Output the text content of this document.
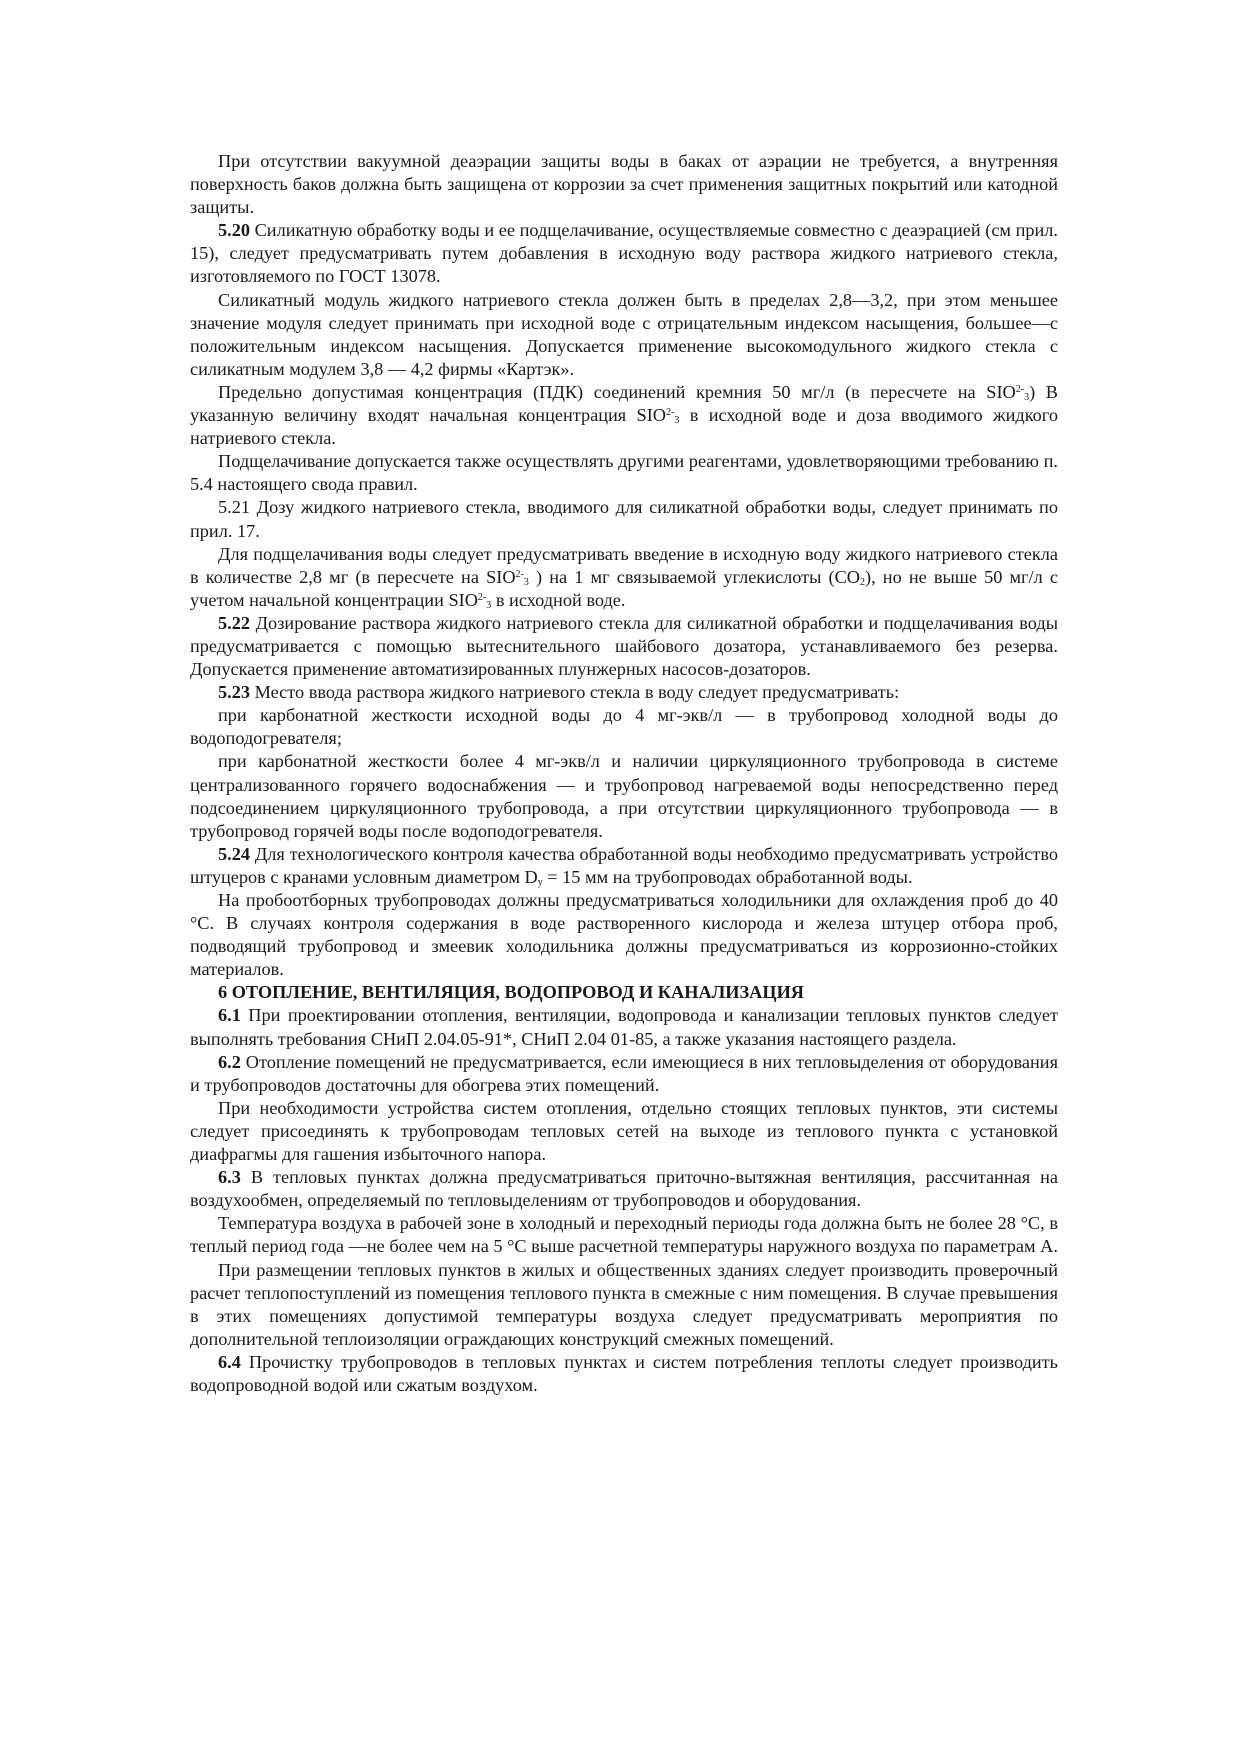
При отсутствии вакуумной деаэрации защиты воды в баках от аэрации не требуется, а внутренняя поверхность баков должна быть защищена от коррозии за счет применения защитных покрытий или катодной защиты.

5.20 Силикатную обработку воды и ее подщелачивание, осуществляемые совместно с деаэрацией (см прил. 15), следует предусматривать путем добавления в исходную воду раствора жидкого натриевого стекла, изготовляемого по ГОСТ 13078.

Силикатный модуль жидкого натриевого стекла должен быть в пределах 2,8—3,2, при этом меньшее значение модуля следует принимать при исходной воде с отрицательным индексом насыщения, большее—с положительным индексом насыщения. Допускается применение высокомодульного жидкого стекла с силикатным модулем 3,8 — 4,2 фирмы «Картэк».

Предельно допустимая концентрация (ПДК) соединений кремния 50 мг/л (в пересчете на $SIO^{2-}_3$) В указанную величину входят начальная концентрация $SIO^{2-}_3$ в исходной воде и доза вводимого жидкого натриевого стекла.

Подщелачивание допускается также осуществлять другими реагентами, удовлетворяющими требованию п. 5.4 настоящего свода правил.

5.21 Дозу жидкого натриевого стекла, вводимого для силикатной обработки воды, следует принимать по прил. 17.

Для подщелачивания воды следует предусматривать введение в исходную воду жидкого натриевого стекла в количестве 2,8 мг (в пересчете на $SIO^{2-}_3$ ) на 1 мг связываемой углекислоты $(CO_2)$, но не выше 50 мг/л с учетом начальной концентрации $SIO^{2-}_3$ в исходной воде.

5.22 Дозирование раствора жидкого натриевого стекла для силикатной обработки и подщелачивания воды предусматривается с помощью вытеснительного шайбового дозатора, устанавливаемого без резерва. Допускается применение автоматизированных плунжерных насосов-дозаторов.

5.23 Место ввода раствора жидкого натриевого стекла в воду следует предусматривать:

при карбонатной жесткости исходной воды до 4 мг-экв/л — в трубопровод холодной воды до водоподогревателя;

при карбонатной жесткости более 4 мг-экв/л и наличии циркуляционного трубопровода в системе централизованного горячего водоснабжения — и трубопровод нагреваемой воды непосредственно перед подсоединением циркуляционного трубопровода, а при отсутствии циркуляционного трубопровода — в трубопровод горячей воды после водоподогревателя.

5.24 Для технологического контроля качества обработанной воды необходимо предусматривать устройство штуцеров с кранами условным диаметром $D_у = 15$ мм на трубопроводах обработанной воды.

На пробоотборных трубопроводах должны предусматриваться холодильники для охлаждения проб до 40 °С. В случаях контроля содержания в воде растворенного кислорода и железа штуцер отбора проб, подводящий трубопровод и змеевик холодильника должны предусматриваться из коррозионно-стойких материалов.

6 ОТОПЛЕНИЕ, ВЕНТИЛЯЦИЯ, ВОДОПРОВОД И КАНАЛИЗАЦИЯ

6.1 При проектировании отопления, вентиляции, водопровода и канализации тепловых пунктов следует выполнять требования СНиП 2.04.05-91*, СНиП 2.04 01-85, а также указания настоящего раздела.

6.2 Отопление помещений не предусматривается, если имеющиеся в них тепловыделения от оборудования и трубопроводов достаточны для обогрева этих помещений.

При необходимости устройства систем отопления, отдельно стоящих тепловых пунктов, эти системы следует присоединять к трубопроводам тепловых сетей на выходе из теплового пункта с установкой диафрагмы для гашения избыточного напора.

6.3 В тепловых пунктах должна предусматриваться приточно-вытяжная вентиляция, рассчитанная на воздухообмен, определяемый по тепловыделениям от трубопроводов и оборудования.

Температура воздуха в рабочей зоне в холодный и переходный периоды года должна быть не более 28 °С, в теплый период года —не более чем на 5 °С выше расчетной температуры наружного воздуха по параметрам А.

При размещении тепловых пунктов в жилых и общественных зданиях следует производить проверочный расчет теплопоступлений из помещения теплового пункта в смежные с ним помещения. В случае превышения в этих помещениях допустимой температуры воздуха следует предусматривать мероприятия по дополнительной теплоизоляции ограждающих конструкций смежных помещений.

6.4 Прочистку трубопроводов в тепловых пунктах и систем потребления теплоты следует производить водопроводной водой или сжатым воздухом.
